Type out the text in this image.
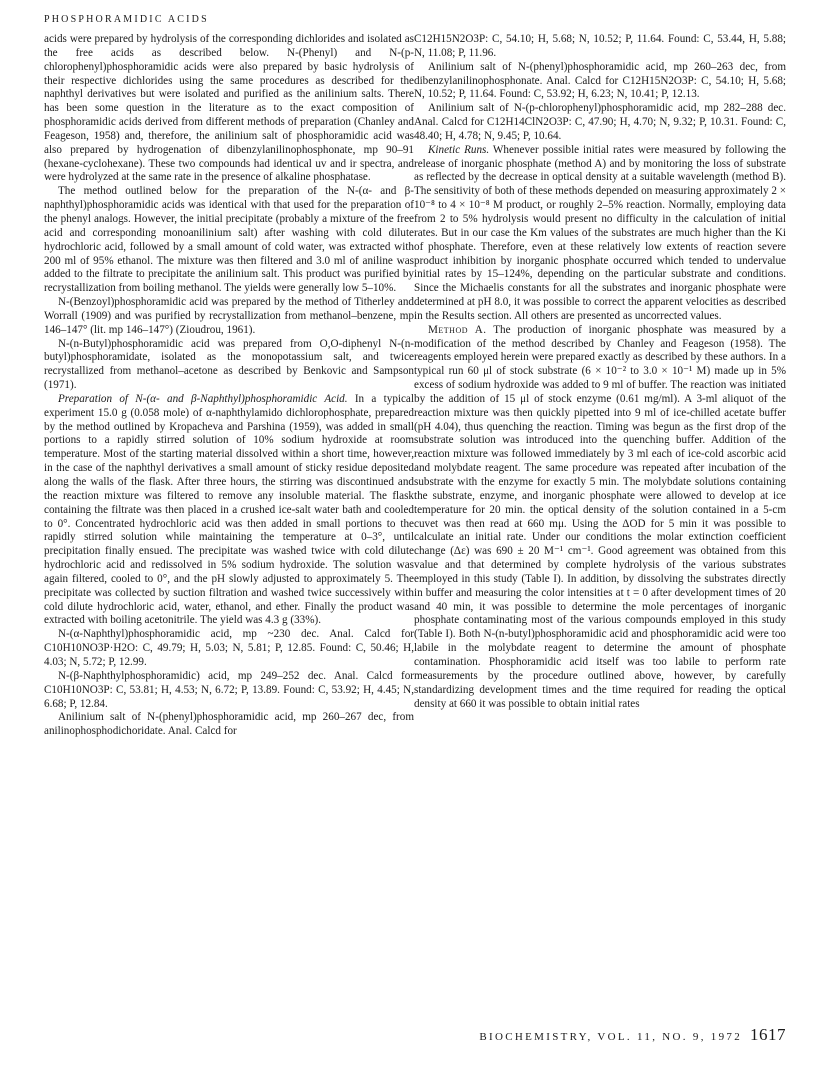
PHOSPHORAMIDIC ACIDS

acids were prepared by hydrolysis of the corresponding dichlorides and isolated as the free acids as described below. N-(Phenyl) and N-(p-chlorophenyl)phosphoramidic acids were also prepared by basic hydrolysis of their respective dichlorides using the same procedures as described for the naphthyl derivatives but were isolated and purified as the anilinium salts. There has been some question in the literature as to the exact composition of phosphoramidic acids derived from different methods of preparation (Chanley and Feageson, 1958) and, therefore, the anilinium salt of phosphoramidic acid was also prepared by hydrogenation of dibenzylanilinophosphonate, mp 90–91 (hexane-cyclohexane). These two compounds had identical uv and ir spectra, and were hydrolyzed at the same rate in the presence of alkaline phosphatase.

The method outlined below for the preparation of the N-(α- and β-naphthyl)phosphoramidic acids was identical with that used for the preparation of the phenyl analogs. However, the initial precipitate (probably a mixture of the free acid and corresponding monoanilinium salt) after washing with cold dilute hydrochloric acid, followed by a small amount of cold water, was extracted with 200 ml of 95% ethanol. The mixture was then filtered and 3.0 ml of aniline was added to the filtrate to precipitate the anilinium salt. This product was purified by recrystallization from boiling methanol. The yields were generally low 5–10%.

N-(Benzoyl)phosphoramidic acid was prepared by the method of Titherley and Worrall (1909) and was purified by recrystallization from methanol–benzene, mp 146–147° (lit. mp 146–147°) (Zioudrou, 1961).

N-(n-Butyl)phosphoramidic acid was prepared from O,O-diphenyl N-(n-butyl)phosphoramidate, isolated as the monopotassium salt, and twice recrystallized from methanol–acetone as described by Benkovic and Sampson (1971).

Preparation of N-(α- and β-Naphthyl)phosphoramidic Acid. In a typical experiment 15.0 g (0.058 mole) of α-naphthylamido dichlorophosphate, prepared by the method outlined by Kropacheva and Parshina (1959), was added in small portions to a rapidly stirred solution of 10% sodium hydroxide at room temperature. Most of the starting material dissolved within a short time, however, in the case of the naphthyl derivatives a small amount of sticky residue deposited along the walls of the flask. After three hours, the stirring was discontinued and the reaction mixture was filtered to remove any insoluble material. The flask containing the filtrate was then placed in a crushed ice-salt water bath and cooled to 0°. Concentrated hydrochloric acid was then added in small portions to the rapidly stirred solution while maintaining the temperature at 0–3°, until precipitation finally ensued. The precipitate was washed twice with cold dilute hydrochloric acid and redissolved in 5% sodium hydroxide. The solution was again filtered, cooled to 0°, and the pH slowly adjusted to approximately 5. The precipitate was collected by suction filtration and washed twice successively with cold dilute hydrochloric acid, water, ethanol, and ether. Finally the product was extracted with boiling acetonitrile. The yield was 4.3 g (33%).

N-(α-Naphthyl)phosphoramidic acid, mp ~230 dec. Anal. Calcd for C10H10NO3P·H2O: C, 49.79; H, 5.03; N, 5.81; P, 12.85. Found: C, 50.46; H, 4.03; N, 5.72; P, 12.99.

N-(β-Naphthylphosphoramidic) acid, mp 249–252 dec. Anal. Calcd for C10H10NO3P: C, 53.81; H, 4.53; N, 6.72; P, 13.89. Found: C, 53.92; H, 4.45; N, 6.68; P, 12.84.

Anilinium salt of N-(phenyl)phosphoramidic acid, mp 260–267 dec, from anilinophosphodichoridate. Anal. Calcd for

C12H15N2O3P: C, 54.10; H, 5.68; N, 10.52; P, 11.64. Found: C, 53.44, H, 5.88; N, 11.08; P, 11.96.

Anilinium salt of N-(phenyl)phosphoramidic acid, mp 260–263 dec, from dibenzylanilinophosphonate. Anal. Calcd for C12H15N2O3P: C, 54.10; H, 5.68; N, 10.52; P, 11.64. Found: C, 53.92; H, 6.23; N, 10.41; P, 12.13.

Anilinium salt of N-(p-chlorophenyl)phosphoramidic acid, mp 282–288 dec. Anal. Calcd for C12H14ClN2O3P: C, 47.90; H, 4.70; N, 9.32; P, 10.31. Found: C, 48.40; H, 4.78; N, 9.45; P, 10.64.

Kinetic Runs. Whenever possible initial rates were measured by following the release of inorganic phosphate (method A) and by monitoring the loss of substrate as reflected by the decrease in optical density at a suitable wavelength (method B). The sensitivity of both of these methods depended on measuring approximately 2 × 10⁻⁸ to 4 × 10⁻⁸ M product, or roughly 2–5% reaction. Normally, employing data from 2 to 5% hydrolysis would present no difficulty in the calculation of initial rates. But in our case the Km values of the substrates are much higher than the Ki of phosphate. Therefore, even at these relatively low extents of reaction severe product inhibition by inorganic phosphate occurred which tended to undervalue initial rates by 15–124%, depending on the particular substrate and conditions. Since the Michaelis constants for all the substrates and inorganic phosphate were determined at pH 8.0, it was possible to correct the apparent velocities as described in the Results section. All others are presented as uncorrected values.

Method A. The production of inorganic phosphate was measured by a modification of the method described by Chanley and Feageson (1958). The reagents employed herein were prepared exactly as described by these authors. In a typical run 60 μl of stock substrate (6 × 10⁻² to 3.0 × 10⁻¹ M) made up in 5% excess of sodium hydroxide was added to 9 ml of buffer. The reaction was initiated by the addition of 15 μl of stock enzyme (0.61 mg/ml). A 3-ml aliquot of the reaction mixture was then quickly pipetted into 9 ml of ice-chilled acetate buffer (pH 4.04), thus quenching the reaction. Timing was begun as the first drop of the substrate solution was introduced into the quenching buffer. Addition of the reaction mixture was followed immediately by 3 ml each of ice-cold ascorbic acid and molybdate reagent. The same procedure was repeated after incubation of the substrate with the enzyme for exactly 5 min. The molybdate solutions containing the substrate, enzyme, and inorganic phosphate were allowed to develop at ice temperature for 20 min. the optical density of the solution contained in a 5-cm cuvet was then read at 660 mμ. Using the ΔOD for 5 min it was possible to calculate an initial rate. Under our conditions the molar extinction coefficient change (Δε) was 690 ± 20 M⁻¹ cm⁻¹. Good agreement was obtained from this value and that determined by complete hydrolysis of the various substrates employed in this study (Table I). In addition, by dissolving the substrates directly in buffer and measuring the color intensities at t = 0 after development times of 20 and 40 min, it was possible to determine the mole percentages of inorganic phosphate contaminating most of the various compounds employed in this study (Table I). Both N-(n-butyl)phosphoramidic acid and phosphoramidic acid were too labile in the molybdate reagent to determine the amount of phosphate contamination. Phosphoramidic acid itself was too labile to perform rate measurements by the procedure outlined above, however, by carefully standardizing development times and the time required for reading the optical density at 660 it was possible to obtain initial rates

BIOCHEMISTRY, VOL. 11, NO. 9, 1972 1617
